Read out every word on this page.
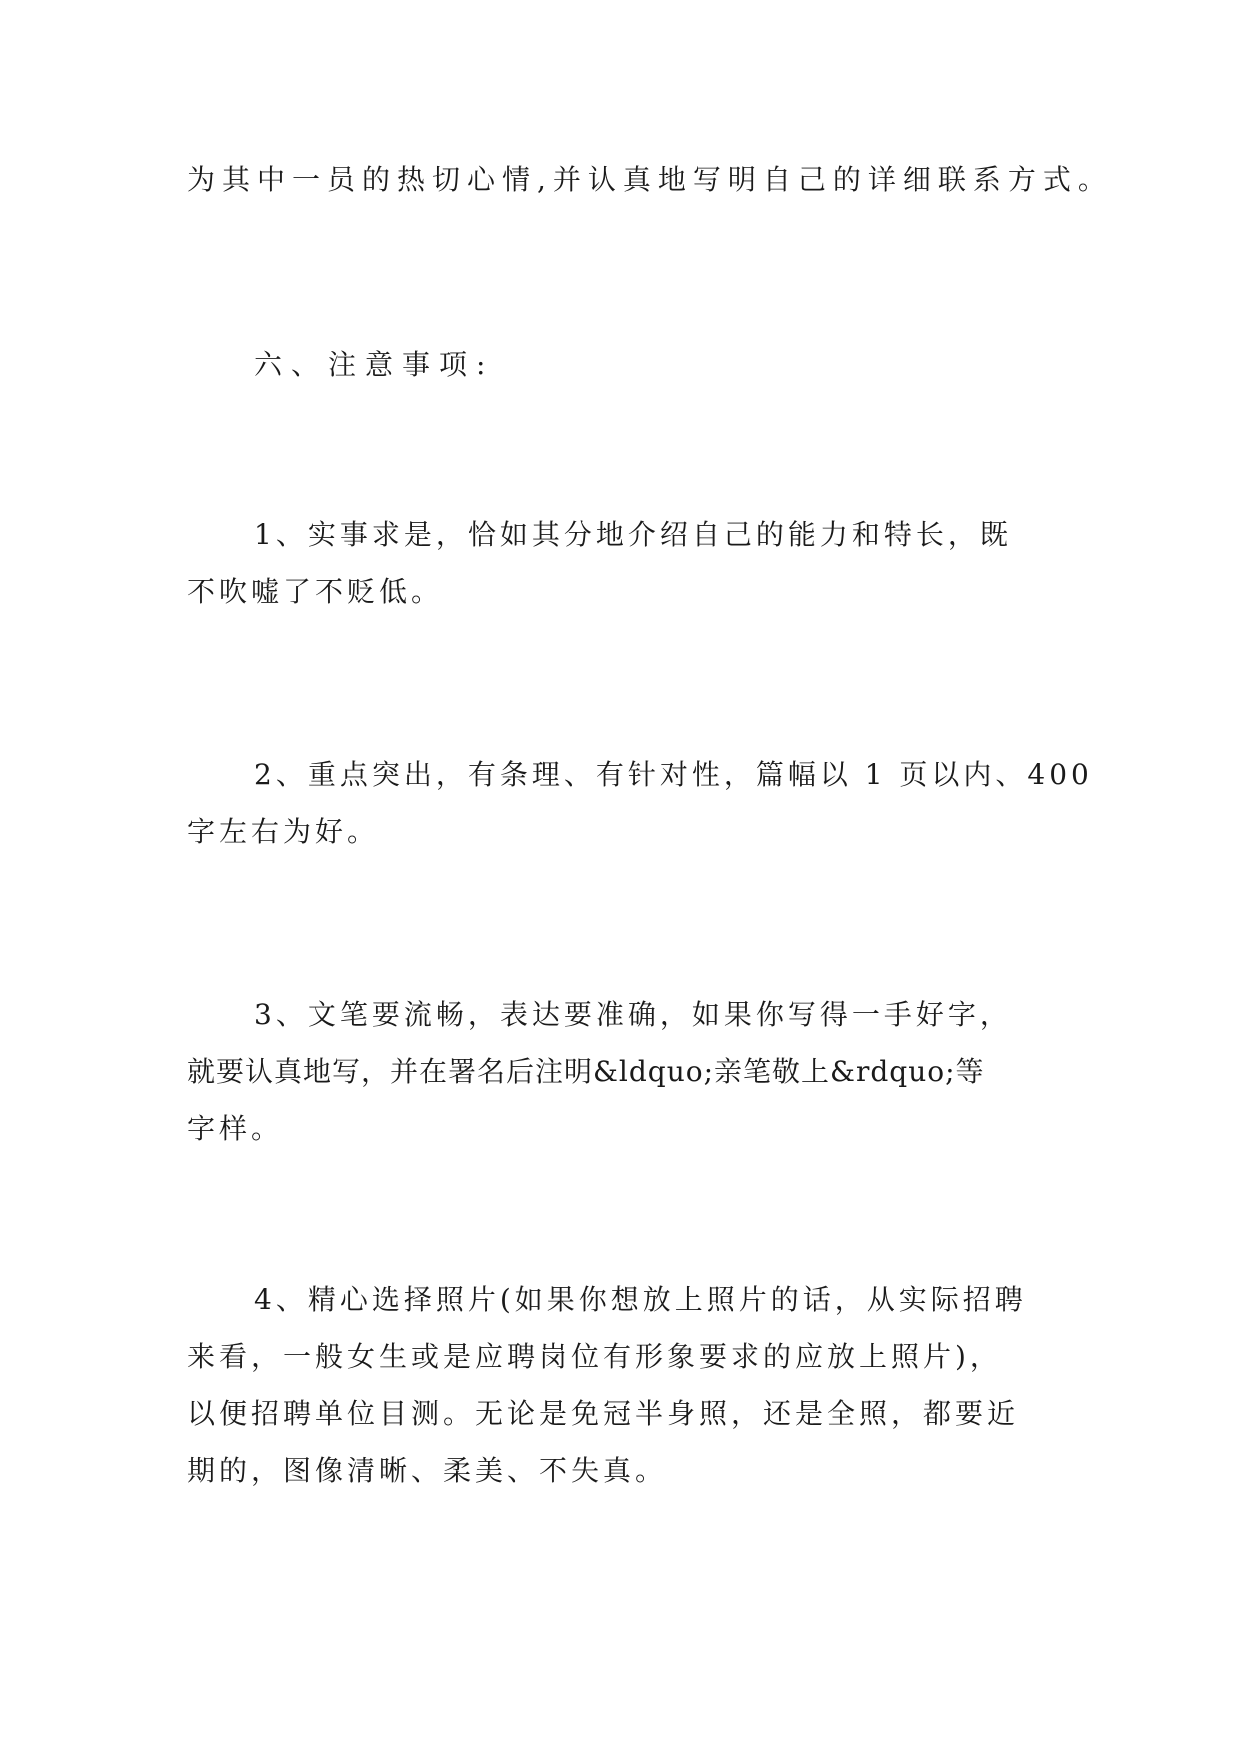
为其中一员的热切心情,并认真地写明自己的详细联系方式。
六、注意事项:
1、实事求是，恰如其分地介绍自己的能力和特长，既
不吹嘘了不贬低。
2、重点突出，有条理、有针对性，篇幅以 1 页以内、400
字左右为好。
3、文笔要流畅，表达要准确，如果你写得一手好字，
就要认真地写，并在署名后注明&ldquo;亲笔敬上&rdquo;等
字样。
4、精心选择照片(如果你想放上照片的话，从实际招聘
来看，一般女生或是应聘岗位有形象要求的应放上照片)，
以便招聘单位目测。无论是免冠半身照，还是全照，都要近
期的，图像清晰、柔美、不失真。
